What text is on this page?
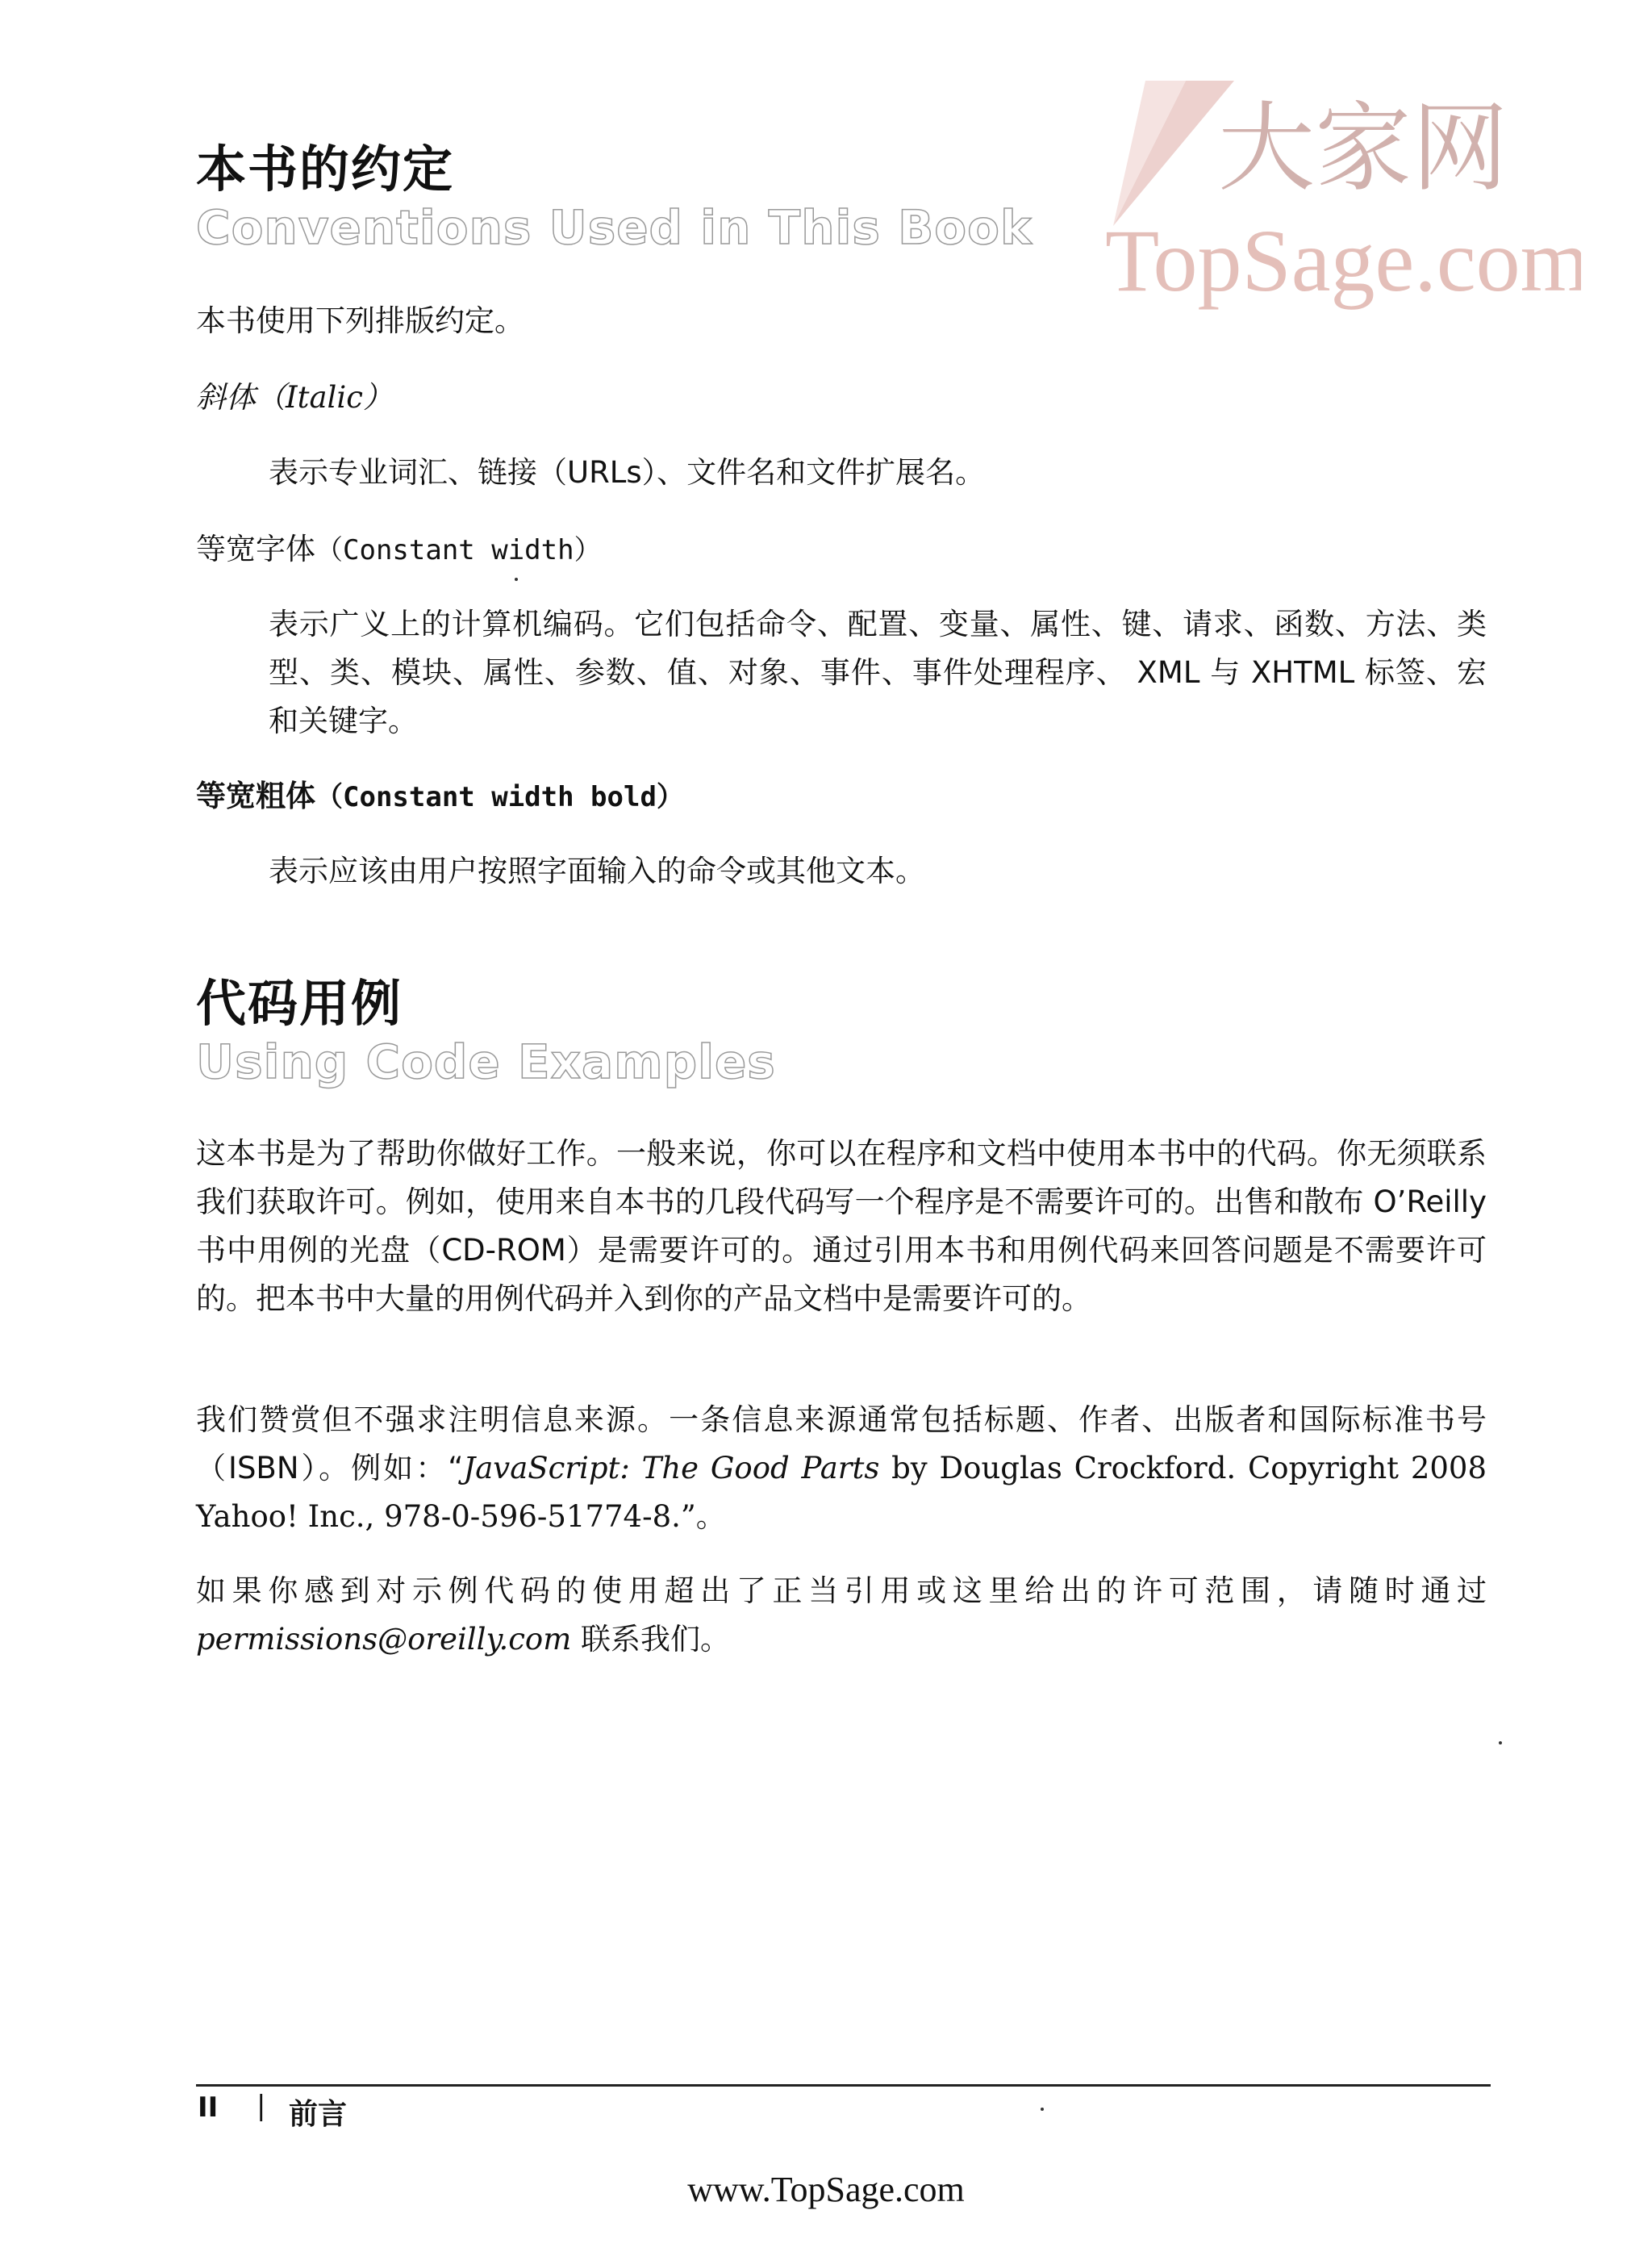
大家网
TopSage.com
本书的约定
Conventions Used in This Book

本书使用下列排版约定。

斜体（Italic）

表示专业词汇、链接（URLs）、文件名和文件扩展名。

等宽字体（Constant width）

表示广义上的计算机编码。它们包括命令、配置、变量、属性、键、请求、函数、方法、类型、类、模块、属性、参数、值、对象、事件、事件处理程序、 XML 与 XHTML 标签、宏和关键字。

等宽粗体（Constant width bold）

表示应该由用户按照字面输入的命令或其他文本。

代码用例
Using Code Examples

这本书是为了帮助你做好工作。一般来说，你可以在程序和文档中使用本书中的代码。你无须联系我们获取许可。例如，使用来自本书的几段代码写一个程序是不需要许可的。出售和散布 O’Reilly 书中用例的光盘（CD-ROM）是需要许可的。通过引用本书和用例代码来回答问题是不需要许可的。把本书中大量的用例代码并入到你的产品文档中是需要许可的。

我们赞赏但不强求注明信息来源。一条信息来源通常包括标题、作者、出版者和国际标准书号（ISBN）。例如：“JavaScript: The Good Parts by Douglas Crockford. Copyright 2008 Yahoo! Inc., 978-0-596-51774-8.”。

如果你感到对示例代码的使用超出了正当引用或这里给出的许可范围，请随时通过 permissions@oreilly.com 联系我们。

II | 前言
www.TopSage.com
